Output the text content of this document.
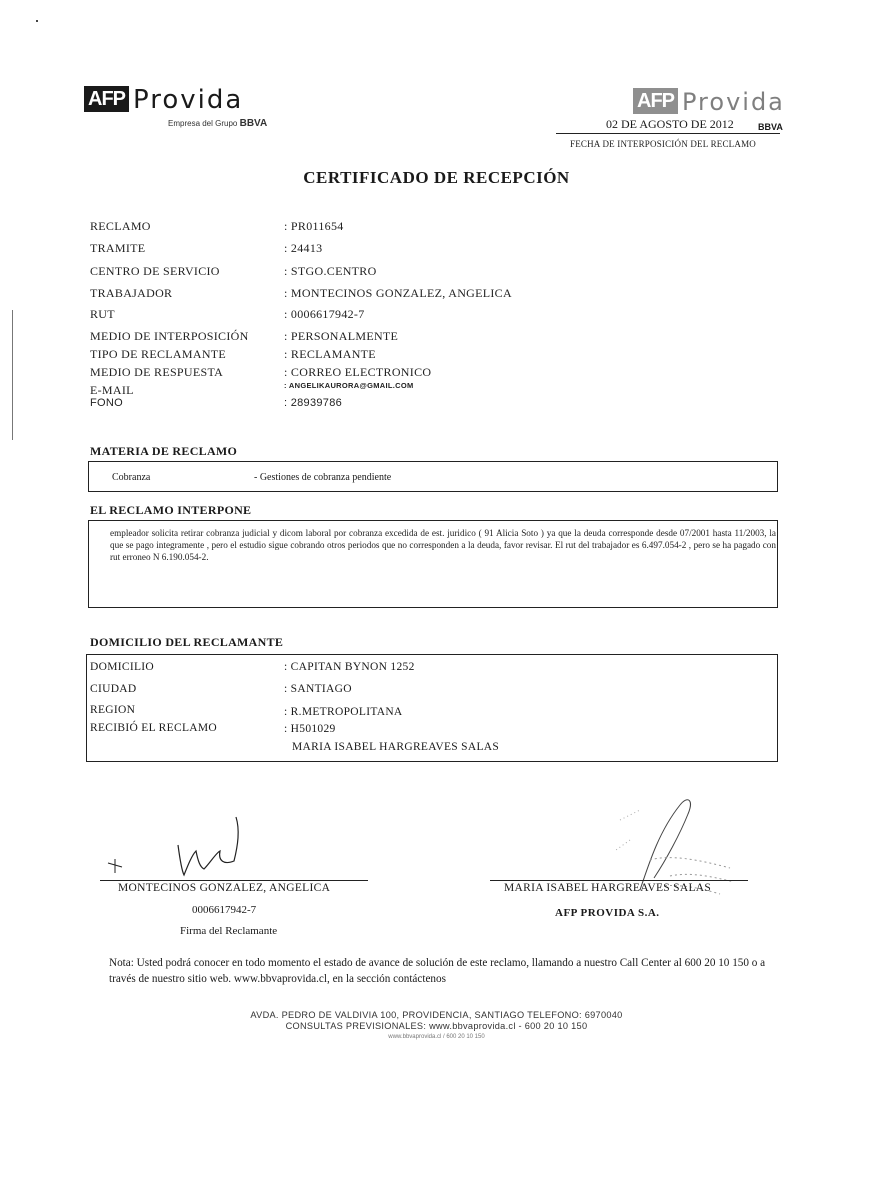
AFP Provida
Empresa del Grupo BBVA
AFP Provida
02 DE AGOSTO DE 2012	BBVA
FECHA DE INTERPOSICIÓN DEL RECLAMO
CERTIFICADO DE RECEPCIÓN
RECLAMO	: PR011654
TRAMITE	: 24413
CENTRO DE SERVICIO	: STGO.CENTRO
TRABAJADOR	: MONTECINOS GONZALEZ, ANGELICA
RUT	: 0006617942-7
MEDIO DE INTERPOSICIÓN	: PERSONALMENTE
TIPO DE RECLAMANTE	: RECLAMANTE
MEDIO DE RESPUESTA	: CORREO ELECTRONICO
E-MAIL	: ANGELIKAURORA@GMAIL.COM
FONO	: 28939786
MATERIA DE RECLAMO
Cobranza	- Gestiones de cobranza pendiente
EL RECLAMO INTERPONE
empleador solicita retirar cobranza judicial y dicom laboral por cobranza excedida de est. juridico ( 91 Alicia Soto ) ya que la deuda corresponde desde 07/2001 hasta 11/2003, la que se pago integramente , pero el estudio sigue cobrando otros periodos que no corresponden a la deuda, favor revisar. El rut del trabajador es 6.497.054-2 , pero se ha pagado con rut erroneo N 6.190.054-2.
DOMICILIO DEL RECLAMANTE
DOMICILIO	: CAPITAN BYNON 1252
CIUDAD	: SANTIAGO
REGION	: R.METROPOLITANA
RECIBIÓ EL RECLAMO	: H501029
MARIA ISABEL HARGREAVES SALAS
MONTECINOS GONZALEZ, ANGELICA
0006617942-7
Firma del Reclamante
MARIA ISABEL HARGREAVES SALAS
AFP PROVIDA S.A.
Nota: Usted podrá conocer en todo momento el estado de avance de solución de este reclamo, llamando a nuestro Call Center al 600 20 10 150 o a través de nuestro sitio web. www.bbvaprovida.cl, en la sección contáctenos
AVDA. PEDRO DE VALDIVIA 100, PROVIDENCIA, SANTIAGO TELEFONO: 6970040
CONSULTAS PREVISIONALES: www.bbvaprovida.cl - 600 20 10 150
www.bbvaprovida.cl / 600 20 10 150
